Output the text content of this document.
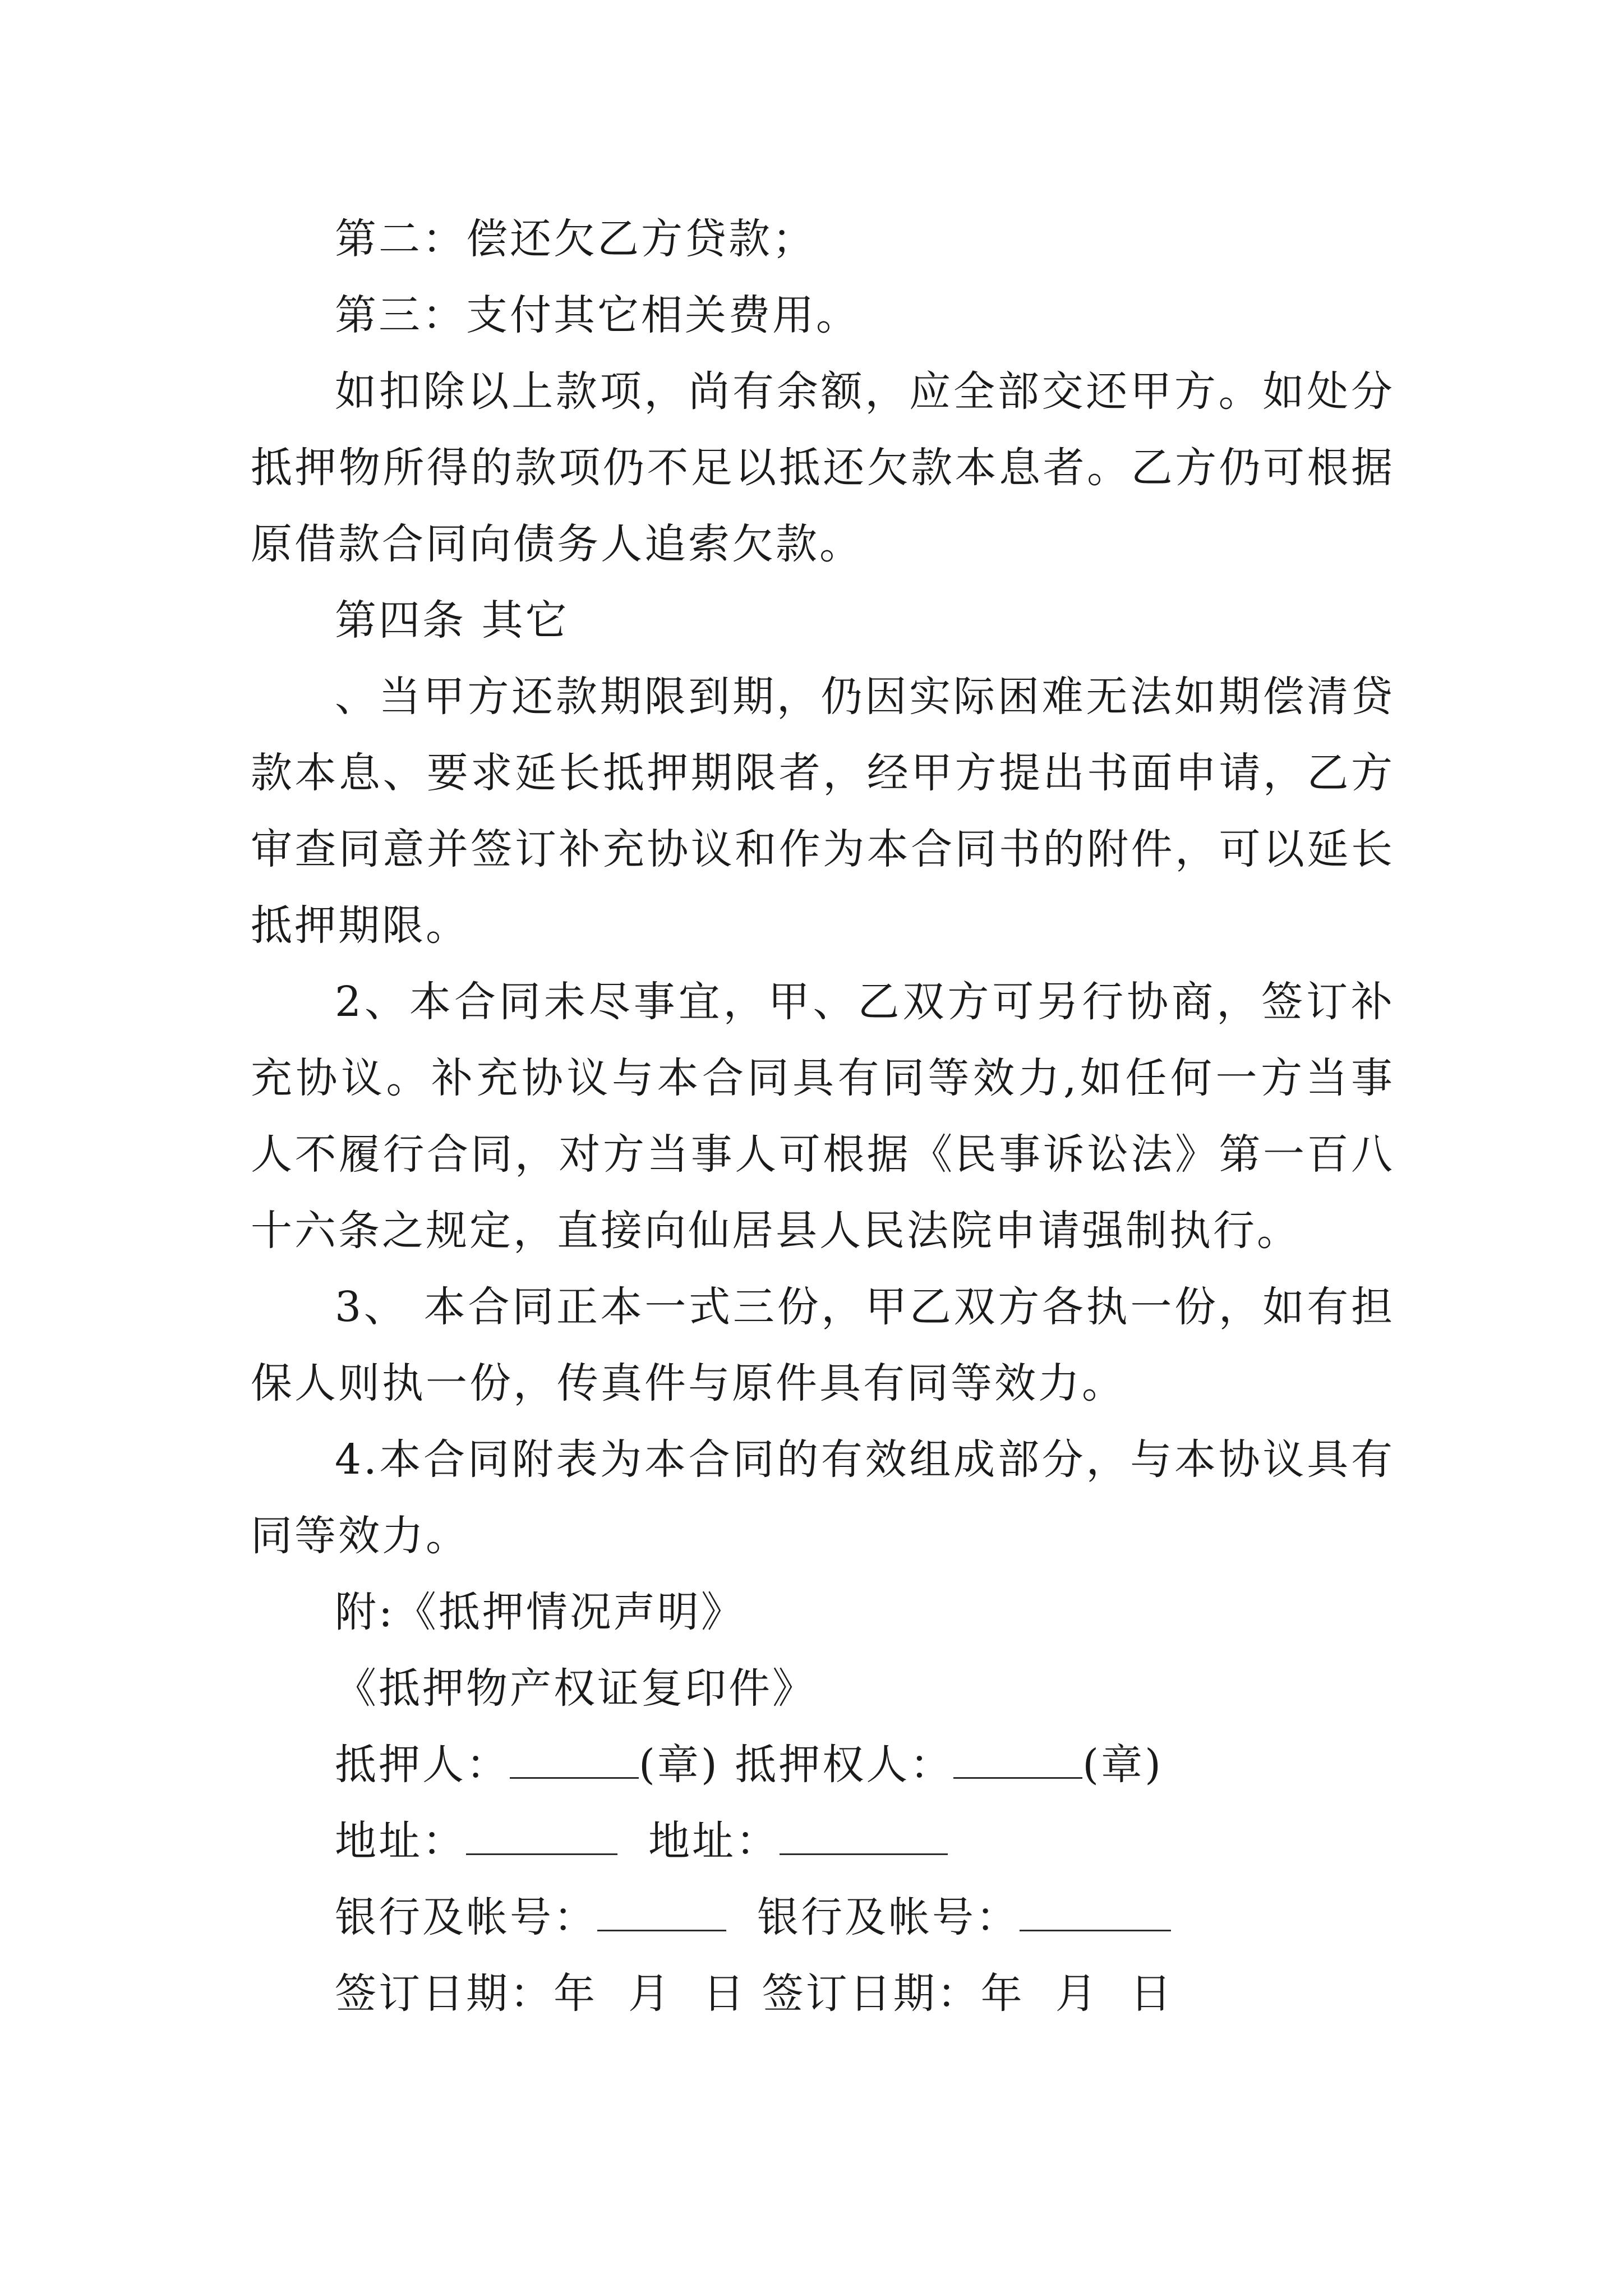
第二：偿还欠乙方贷款；

第三：支付其它相关费用。

如扣除以上款项，尚有余额，应全部交还甲方。如处分抵押物所得的款项仍不足以抵还欠款本息者。乙方仍可根据原借款合同向债务人追索欠款。

第四条 其它

、当甲方还款期限到期，仍因实际困难无法如期偿清贷款本息、要求延长抵押期限者，经甲方提出书面申请，乙方审查同意并签订补充协议和作为本合同书的附件，可以延长抵押期限。

2、本合同未尽事宜，甲、乙双方可另行协商，签订补充协议。补充协议与本合同具有同等效力,如任何一方当事人不履行合同，对方当事人可根据《民事诉讼法》第一百八十六条之规定，直接向仙居县人民法院申请强制执行。

3、 本合同正本一式三份，甲乙双方各执一份，如有担保人则执一份，传真件与原件具有同等效力。

4.本合同附表为本合同的有效组成部分，与本协议具有同等效力。

附:《抵押情况声明》

《抵押物产权证复印件》

抵押人：	(章) 抵押权人：	(章)
地址：	地址：
银行及帐号：	银行及帐号：
签订日期：年  月  日 签订日期：年  月  日
